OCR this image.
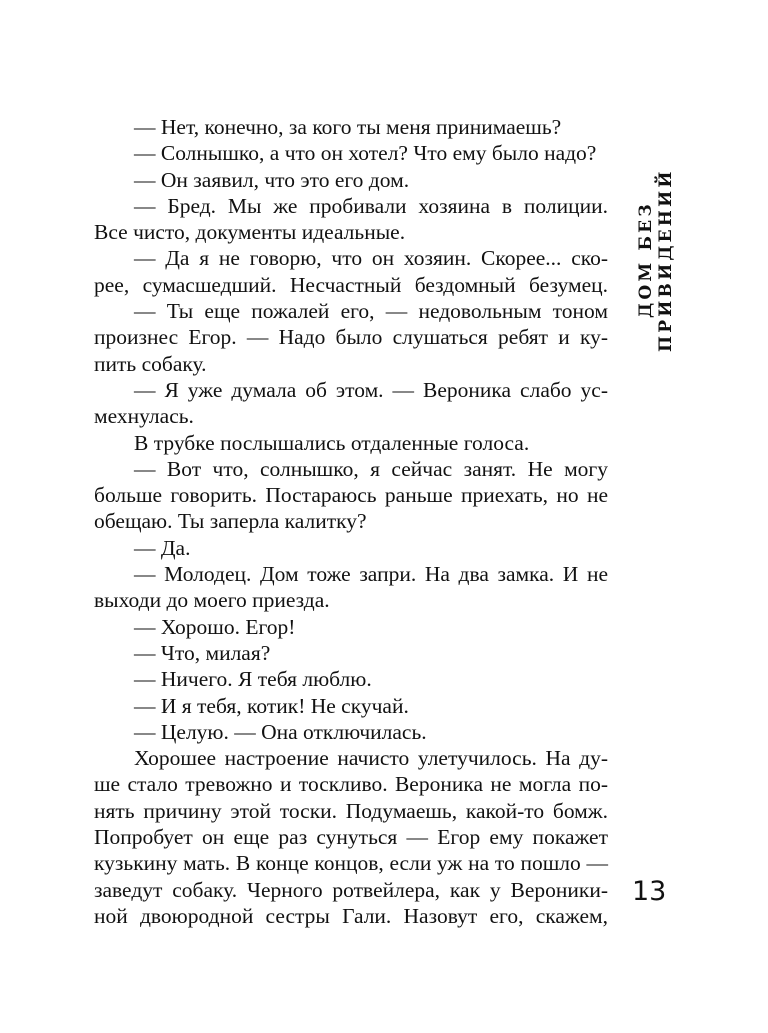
— Нет, конечно, за кого ты меня принимаешь?
— Солнышко, а что он хотел? Что ему было надо?
— Он заявил, что это его дом.
— Бред. Мы же пробивали хозяина в полиции.
Все чисто, документы идеальные.
— Да я не говорю, что он хозяин. Скорее... ско-
рее, сумасшедший. Несчастный бездомный безумец.
— Ты еще пожалей его, — недовольным тоном
произнес Егор. — Надо было слушаться ребят и ку-
пить собаку.
— Я уже думала об этом. — Вероника слабо ус-
мехнулась.
В трубке послышались отдаленные голоса.
— Вот что, солнышко, я сейчас занят. Не могу
больше говорить. Постараюсь раньше приехать, но не
обещаю. Ты заперла калитку?
— Да.
— Молодец. Дом тоже запри. На два замка. И не
выходи до моего приезда.
— Хорошо. Егор!
— Что, милая?
— Ничего. Я тебя люблю.
— И я тебя, котик! Не скучай.
— Целую. — Она отключилась.
Хорошее настроение начисто улетучилось. На ду-
ше стало тревожно и тоскливо. Вероника не могла по-
нять причину этой тоски. Подумаешь, какой-то бомж.
Попробует он еще раз сунуться — Егор ему покажет
кузькину мать. В конце концов, если уж на то пошло —
заведут собаку. Черного ротвейлера, как у Вероники-
ной двоюродной сестры Гали. Назовут его, скажем,
ДОМ БЕЗ ПРИВИДЕНИЙ
13
